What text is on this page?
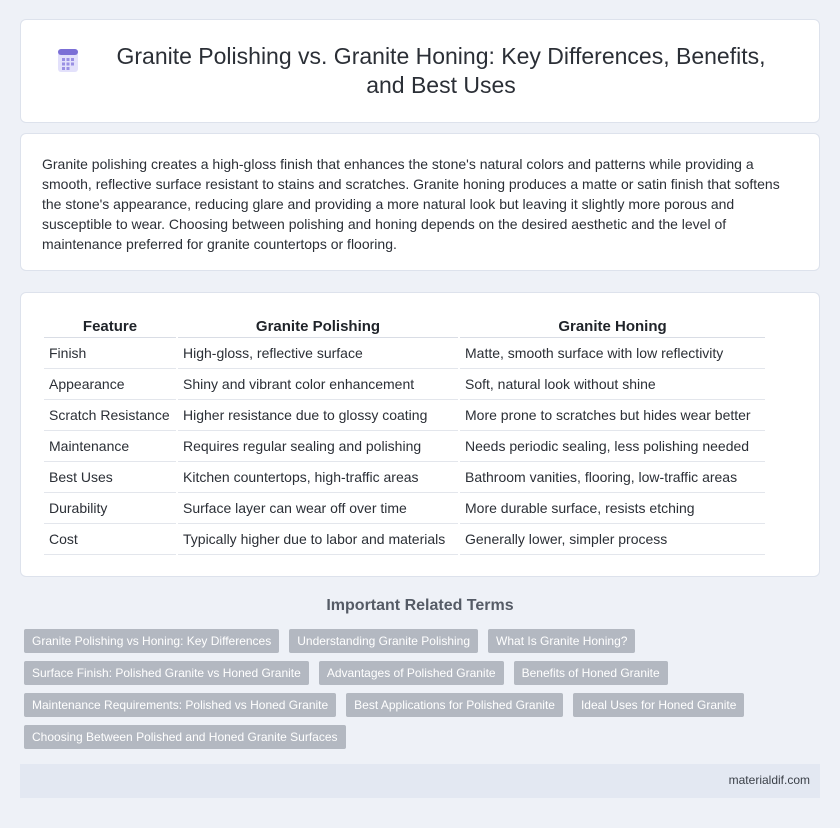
Granite Polishing vs. Granite Honing: Key Differences, Benefits, and Best Uses

Granite polishing creates a high-gloss finish that enhances the stone's natural colors and patterns while providing a smooth, reflective surface resistant to stains and scratches. Granite honing produces a matte or satin finish that softens the stone's appearance, reducing glare and providing a more natural look but leaving it slightly more porous and susceptible to wear. Choosing between polishing and honing depends on the desired aesthetic and the level of maintenance preferred for granite countertops or flooring.

Feature	Granite Polishing	Granite Honing
Finish	High-gloss, reflective surface	Matte, smooth surface with low reflectivity
Appearance	Shiny and vibrant color enhancement	Soft, natural look without shine
Scratch Resistance	Higher resistance due to glossy coating	More prone to scratches but hides wear better
Maintenance	Requires regular sealing and polishing	Needs periodic sealing, less polishing needed
Best Uses	Kitchen countertops, high-traffic areas	Bathroom vanities, flooring, low-traffic areas
Durability	Surface layer can wear off over time	More durable surface, resists etching
Cost	Typically higher due to labor and materials	Generally lower, simpler process
Important Related Terms
Granite Polishing vs Honing: Key Differences	Understanding Granite Polishing	What Is Granite Honing?
Surface Finish: Polished Granite vs Honed Granite	Advantages of Polished Granite	Benefits of Honed Granite
Maintenance Requirements: Polished vs Honed Granite	Best Applications for Polished Granite	Ideal Uses for Honed Granite
Choosing Between Polished and Honed Granite Surfaces
materialdif.com
